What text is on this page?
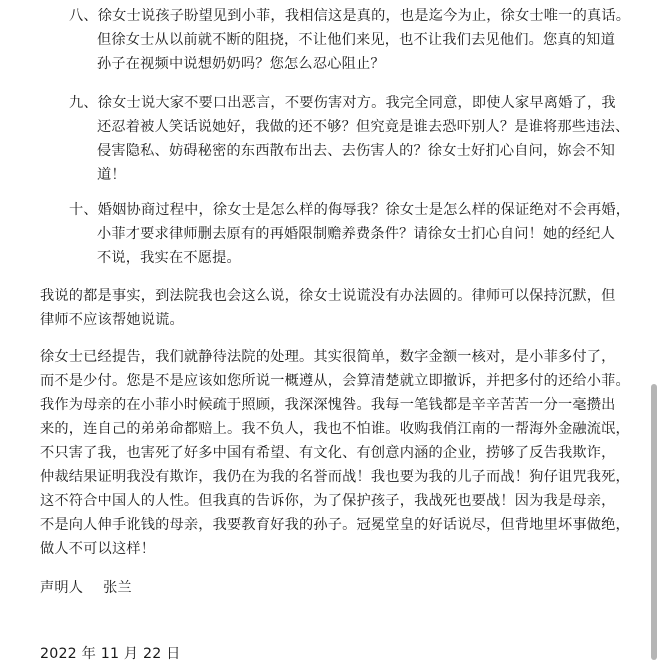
八、徐女士说孩子盼望见到小菲，我相信这是真的，也是迄今为止，徐女士唯一的真话。
但徐女士从以前就不断的阻挠，不让他们来见，也不让我们去见他们。您真的知道
孙子在视频中说想奶奶吗？您怎么忍心阻止？

九、徐女士说大家不要口出恶言，不要伤害对方。我完全同意，即使人家早离婚了，我
还忍着被人笑话说她好，我做的还不够？但究竟是谁去恐吓别人？是谁将那些违法、
侵害隐私、妨碍秘密的东西散布出去、去伤害人的？徐女士好扪心自问，妳会不知
道！

十、婚姻协商过程中，徐女士是怎么样的侮辱我？徐女士是怎么样的保证绝对不会再婚，
小菲才要求律师删去原有的再婚限制赡养费条件？请徐女士扪心自问！她的经纪人
不说，我实在不愿提。

我说的都是事实，到法院我也会这么说，徐女士说谎没有办法圆的。律师可以保持沉默，但
律师不应该帮她说谎。

徐女士已经提告，我们就静待法院的处理。其实很简单，数字金额一核对，是小菲多付了，
而不是少付。您是不是应该如您所说一概遵从，会算清楚就立即撤诉，并把多付的还给小菲。
我作为母亲的在小菲小时候疏于照顾，我深深愧咎。我每一笔钱都是辛辛苦苦一分一毫攒出
来的，连自己的弟弟命都赔上。我不负人，我也不怕谁。收购我俏江南的一帮海外金融流氓，
不只害了我，也害死了好多中国有希望、有文化、有创意内涵的企业，捞够了反告我欺诈，
仲裁结果证明我没有欺诈，我仍在为我的名誉而战！我也要为我的儿子而战！狗仔诅咒我死，
这不符合中国人的人性。但我真的告诉你，为了保护孩子，我战死也要战！因为我是母亲，
不是向人伸手讹钱的母亲，我要教育好我的孙子。冠冕堂皇的好话说尽，但背地里坏事做绝，
做人不可以这样！

声明人 张兰
2022 年 11 月 22 日
